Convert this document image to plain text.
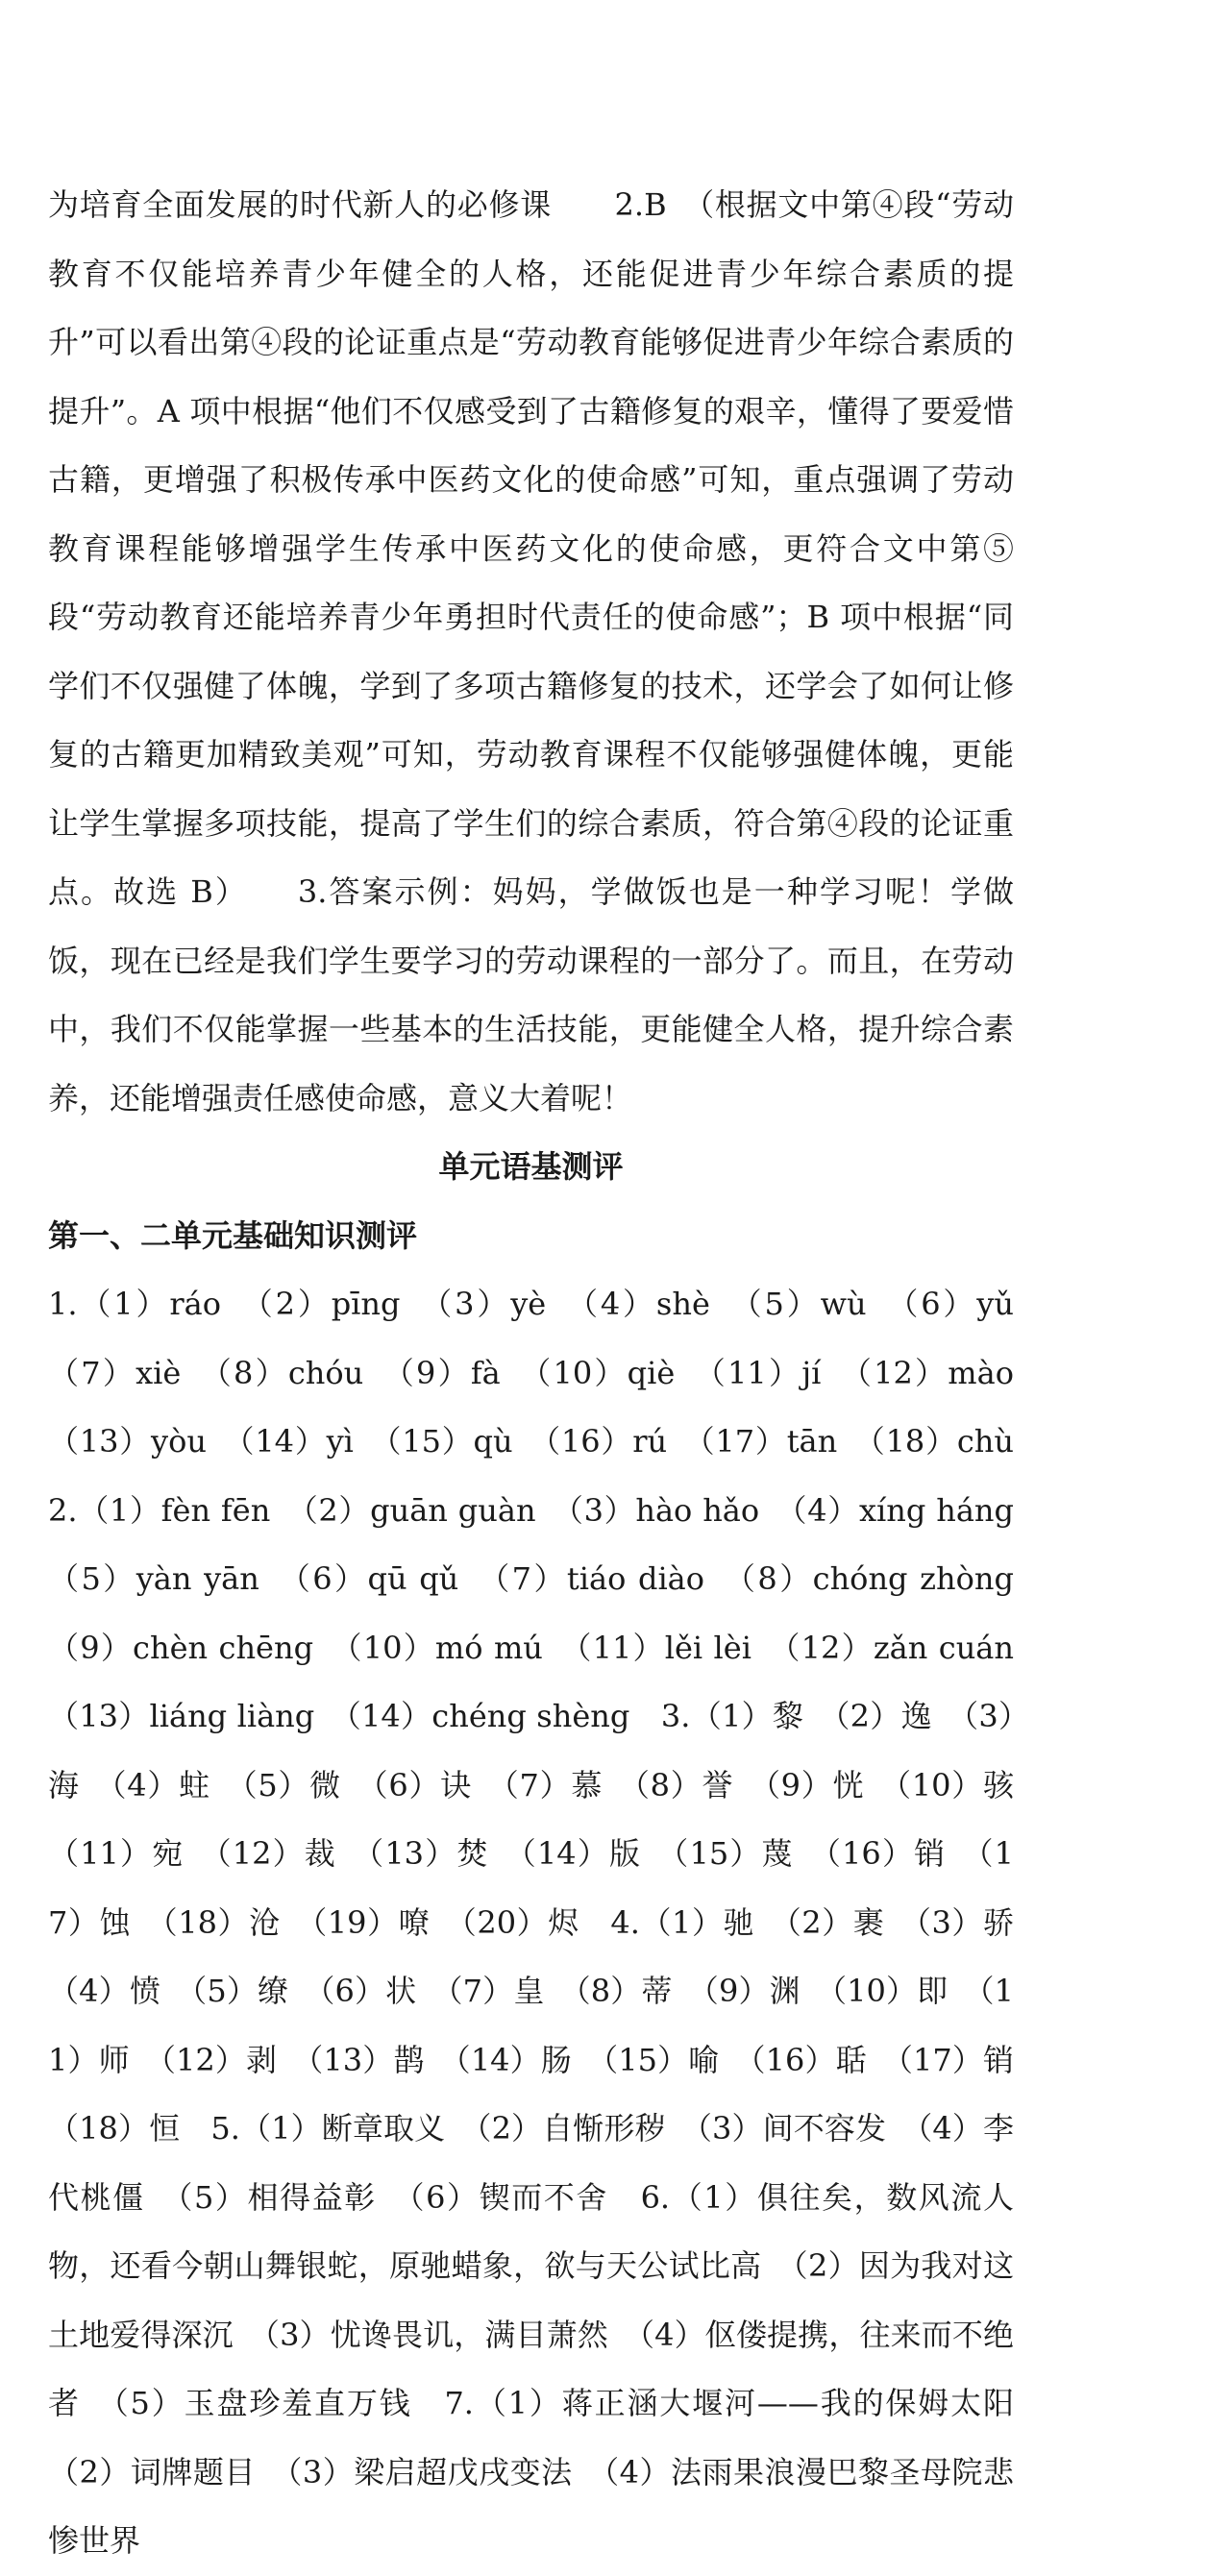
为培育全面发展的时代新人的必修课　　2.B　（根据文中第④段“劳动教育不仅能培养青少年健全的人格，还能促进青少年综合素质的提升”可以看出第④段的论证重点是“劳动教育能够促进青少年综合素质的提升”。A 项中根据“他们不仅感受到了古籍修复的艰辛，懂得了要爱惜古籍，更增强了积极传承中医药文化的使命感”可知，重点强调了劳动教育课程能够增强学生传承中医药文化的使命感，更符合文中第⑤段“劳动教育还能培养青少年勇担时代责任的使命感”；B 项中根据“同学们不仅强健了体魄，学到了多项古籍修复的技术，还学会了如何让修复的古籍更加精致美观”可知，劳动教育课程不仅能够强健体魄，更能让学生掌握多项技能，提高了学生们的综合素质，符合第④段的论证重点。故选 B）　　3.答案示例：妈妈，学做饭也是一种学习呢！学做饭，现在已经是我们学生要学习的劳动课程的一部分了。而且，在劳动中，我们不仅能掌握一些基本的生活技能，更能健全人格，提升综合素养，还能增强责任感使命感，意义大着呢！

单元语基测评

第一、二单元基础知识测评

1.（1）ráo　（2）pīng　（3）yè　（4）shè　（5）wù　（6）yǔ　（7）xiè　（8）chóu　（9）fà　（10）qiè　（11）jí　（12）mào　（13）yòu　（14）yì　（15）qù　（16）rú　（17）tān　（18）chù　2.（1）fèn fēn　（2）guān guàn　（3）hào hǎo　（4）xíng háng　（5）yàn yān　（6）qū qǔ　（7）tiáo diào　（8）chóng zhòng　（9）chèn chēng　（10）mó mú　（11）lěi lèi　（12）zǎn cuán　（13）liáng liàng　（14）chéng shèng　3.（1）黎　（2）逸　（3）海　（4）蛀　（5）微　（6）诀　（7）慕　（8）誉　（9）恍　（10）骇　（11）宛　（12）裁　（13）焚　（14）版　（15）蔑　（16）销　（17）蚀　（18）沧　（19）嘹　（20）烬　4.（1）驰　（2）裹　（3）骄　（4）愤　（5）缭　（6）状　（7）皇　（8）蒂　（9）渊　（10）即　（11）师　（12）剥　（13）鹊　（14）肠　（15）喻　（16）聒　（17）销　（18）恒　5.（1）断章取义　（2）自惭形秽　（3）间不容发　（4）李代桃僵　（5）相得益彰　（6）锲而不舍　6.（1）俱往矣，数风流人物，还看今朝山舞银蛇，原驰蜡象，欲与天公试比高　（2）因为我对这土地爱得深沉　（3）忧谗畏讥，满目萧然　（4）伛偻提携，往来而不绝者　（5）玉盘珍羞直万钱　7.（1）蒋正涵大堰河——我的保姆太阳　（2）词牌题目　（3）梁启超戊戌变法　（4）法雨果浪漫巴黎圣母院悲惨世界
